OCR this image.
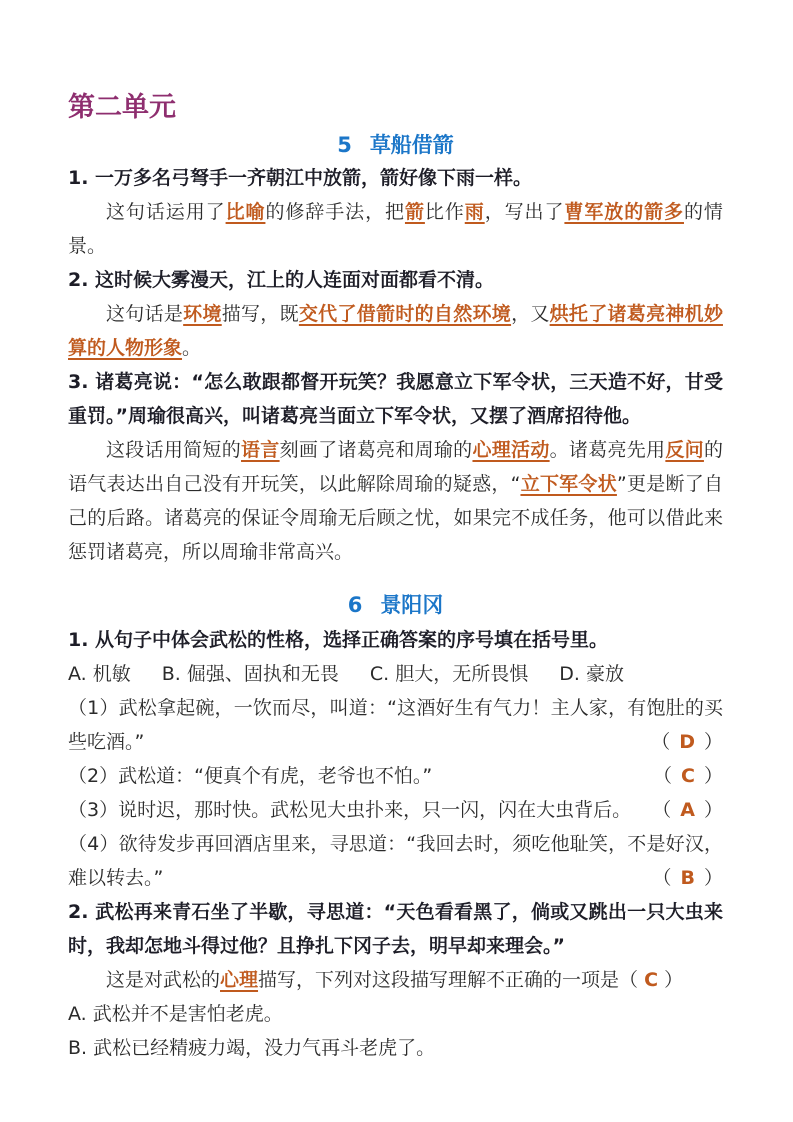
第二单元
5 草船借箭

1. 一万多名弓弩手一齐朝江中放箭，箭好像下雨一样。

这句话运用了比喻的修辞手法，把箭比作雨，写出了曹军放的箭多的情景。

2. 这时候大雾漫天，江上的人连面对面都看不清。

这句话是环境描写，既交代了借箭时的自然环境，又烘托了诸葛亮神机妙算的人物形象。

3. 诸葛亮说：“怎么敢跟都督开玩笑？我愿意立下军令状，三天造不好，甘受重罚。”周瑜很高兴，叫诸葛亮当面立下军令状，又摆了酒席招待他。

这段话用简短的语言刻画了诸葛亮和周瑜的心理活动。诸葛亮先用反问的语气表达出自己没有开玩笑，以此解除周瑜的疑惑，“立下军令状”更是断了自己的后路。诸葛亮的保证令周瑜无后顾之忧，如果完不成任务，他可以借此来惩罚诸葛亮，所以周瑜非常高兴。

6 景阳冈

1. 从句子中体会武松的性格，选择正确答案的序号填在括号里。

A. 机敏 B. 倔强、固执和无畏 C. 胆大，无所畏惧 D. 豪放
（1）武松拿起碗，一饮而尽，叫道：“这酒好生有气力！主人家，有饱肚的买些吃酒。”	（ D ）
（2）武松道：“便真个有虎，老爷也不怕。”	（ C ）
（3）说时迟，那时快。武松见大虫扑来，只一闪，闪在大虫背后。 （ A ）
（4）欲待发步再回酒店里来，寻思道：“我回去时，须吃他耻笑，不是好汉，难以转去。”	（ B ）

2. 武松再来青石坐了半歇，寻思道：“天色看看黑了，倘或又跳出一只大虫来时，我却怎地斗得过他？且挣扎下冈子去，明早却来理会。”

这是对武松的心理描写，下列对这段描写理解不正确的一项是（ C ）

A. 武松并不是害怕老虎。

B. 武松已经精疲力竭，没力气再斗老虎了。
